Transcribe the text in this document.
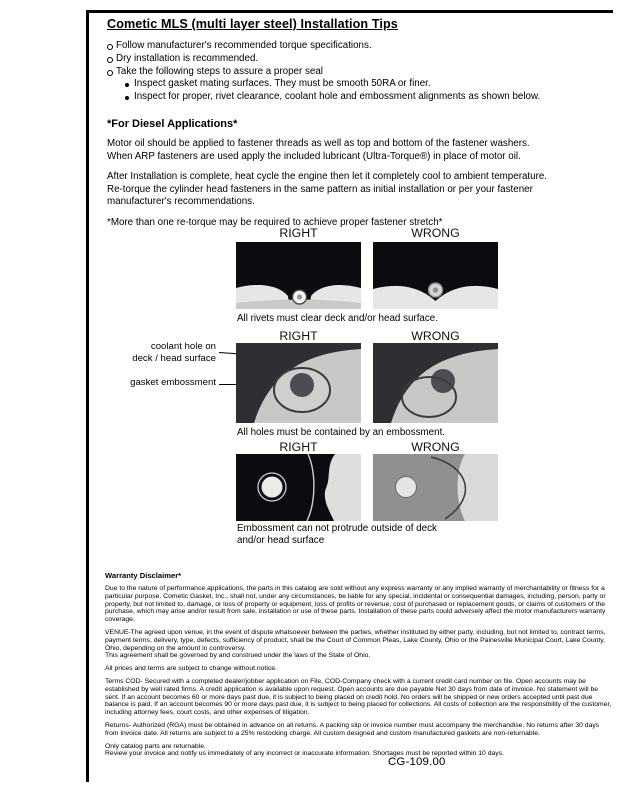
Cometic MLS (multi layer steel) Installation Tips
Follow manufacturer's recommended torque specifications.
Dry installation is recommended.
Take the following steps to assure a proper seal
Inspect gasket mating surfaces. They must be smooth 50RA or finer.
Inspect for proper, rivet clearance, coolant hole and embossment alignments as shown below.
*For Diesel Applications*

Motor oil should be applied to fastener threads as well as top and bottom of the fastener washers. When ARP fasteners are used apply the included lubricant (Ultra-Torque®) in place of motor oil.

After Installation is complete, heat cycle the engine then let it completely cool to ambient temperature. Re-torque the cylinder head fasteners in the same pattern as initial installation or per your fastener manufacturer's recommendations.

*More than one re-torque may be required to achieve proper fastener stretch*

RIGHT	WRONG
All rivets must clear deck and/or head surface.
RIGHT	WRONG
coolant hole on
deck / head surface
gasket embossment
All holes must be contained by an embossment.
RIGHT	WRONG
Embossment can not protrude outside of deck
and/or head surface
Warranty Disclaimer*

Due to the nature of performance applications, the parts in this catalog are sold without any express warranty or any implied warranty of merchantability or fitness for a particular purpose. Cometic Gasket, Inc., shall not, under any circumstances, be liable for any special, incidental or consequential damages, including, person, party or property, but not limited to, damage, or loss of property or equipment, loss of profits or revenue, cost of purchased or replacement goods, or claims of customers of the purchase, which may arise and/or result from sale, installation or use of these parts. Installation of these parts could adversely affect the motor manufacturers warranty coverage.

VENUE-The agreed upon venue, in the event of dispute whatsoever between the parties, whether instituted by either party, including, but not limited to, contract terms, payment terms, delivery, type, defects, sufficiency of product, shall be the Court of Common Pleas, Lake County, Ohio or the Painesville Municipal Court, Lake County, Ohio, depending on the amount in controversy.

This agreement shall be governed by and construed under the laws of the State of Ohio.

All prices and terms are subject to change without notice.

Terms COD- Secured with a completed dealer/jobber application on File, COD-Company check with a current credit card number on file. Open accounts may be established by well rated firms. A credit application is available upon request. Open accounts are due payable Net 30 days from date of invoice. No statement will be sent. If an account becomes 60 or more days past due, it is subject to being placed on credit hold. No orders will be shipped or new orders accepted until past due balance is paid. If an account becomes 90 or more days past due, it is subject to being placed for collections. All costs of collection are the responsibility of the customer, including attorney fees, court costs, and other expenses of litigation.

Returns- Authorized (RGA) must be obtained in advance on all returns. A packing slip or invoice number must accompany the merchandise. No returns after 30 days from invoice date. All returns are subject to a 25% restocking charge. All custom designed and custom manufactured gaskets are non-returnable.

Only catalog parts are returnable.

Review your invoice and notify us immediately of any incorrect or inaccurate information. Shortages must be reported within 10 days.

CG-109.00
